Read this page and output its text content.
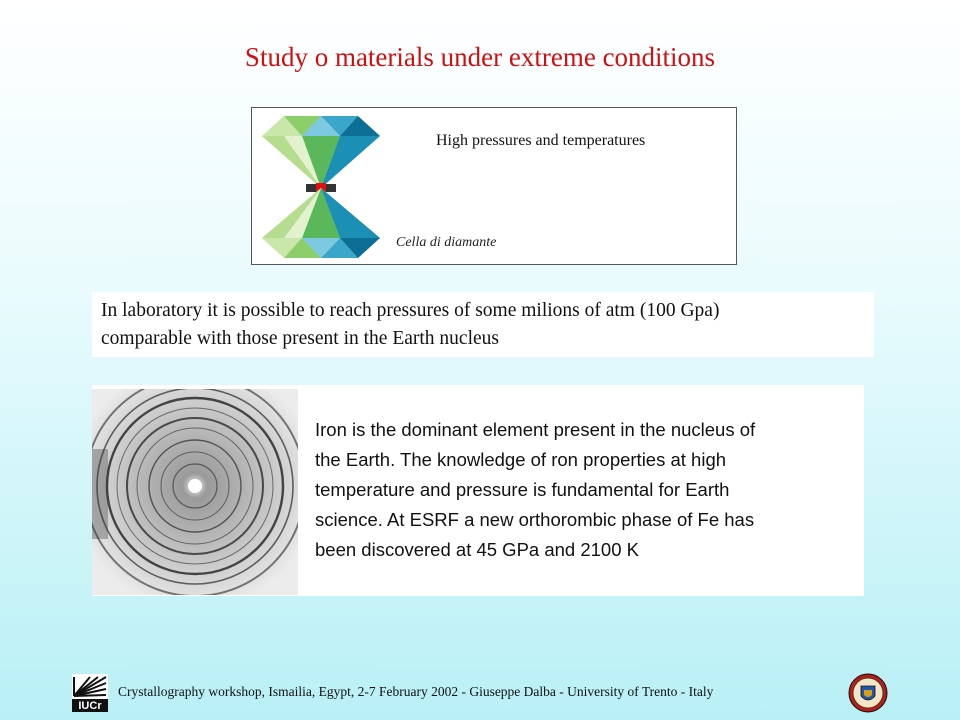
Study o materials under extreme conditions
High pressures and temperatures
Cella di diamante
In laboratory it is possible to reach pressures of some milions of atm (100 Gpa)
comparable with those present in the Earth nucleus
Iron is the dominant element present in the nucleus of
the Earth. The knowledge of ron properties at high
temperature and pressure is fundamental for Earth
science. At ESRF a new orthorombic phase of Fe has
been discovered at 45 GPa and 2100 K
IUCr
Crystallography workshop, Ismailia, Egypt, 2-7 February 2002 - Giuseppe Dalba - University of Trento - Italy
